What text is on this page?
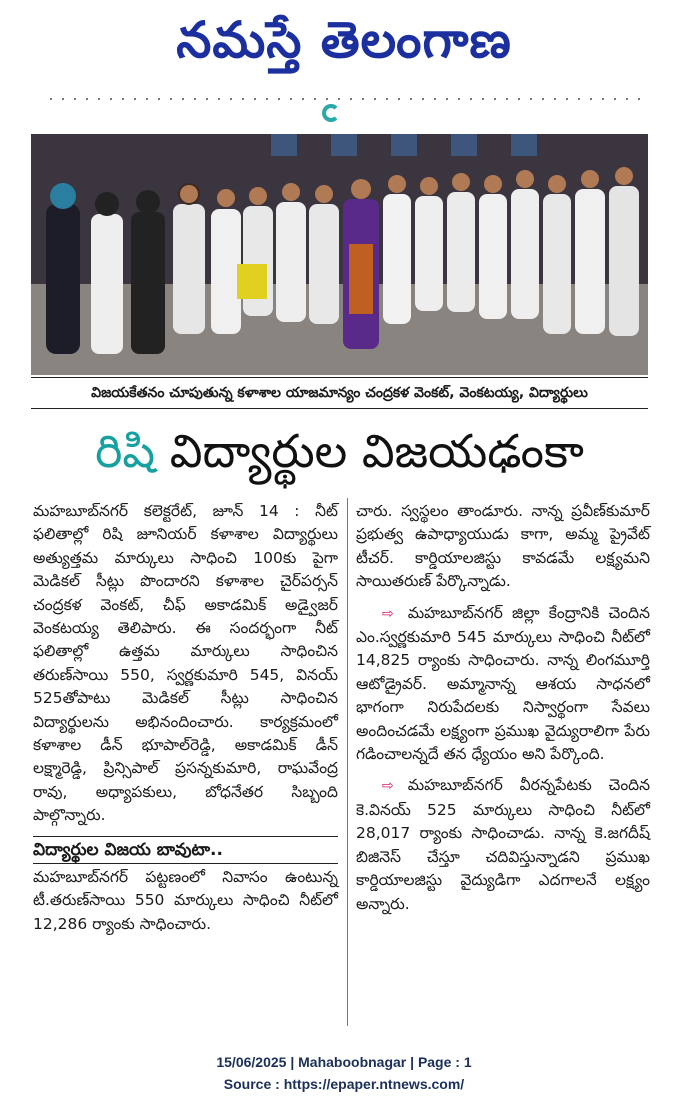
నమస్తే తెలంగాణ
విజయకేతనం చూపుతున్న కళాశాల యాజమాన్యం చంద్రకళ వెంకట్, వెంకటయ్య, విద్యార్థులు
రిషి విద్యార్థుల విజయఢంకా

మహబూబ్‌నగర్ కలెక్టరేట్, జూన్ 14 : నీట్ ఫలితాల్లో రిషి జూనియర్ కళాశాల విద్యార్థులు అత్యుత్తమ మార్కులు సాధించి 100కు పైగా మెడికల్ సీట్లు పొందారని కళాశాల చైర్‌పర్సన్ చంద్రకళ వెంకట్, చీఫ్ అకాడమిక్ అడ్వైజర్ వెంకటయ్య తెలిపారు. ఈ సందర్భంగా నీట్ ఫలితాల్లో ఉత్తమ మార్కులు సాధించిన తరుణ్‌సాయి 550, స్వర్ణకుమారి 545, వినయ్ 525తోపాటు మెడికల్ సీట్లు సాధించిన విద్యార్థులను అభినందించారు. కార్యక్రమంలో కళాశాల డీన్ భూపాల్‌రెడ్డి, అకాడమిక్ డీన్ లక్ష్మారెడ్డి, ప్రిన్సిపాల్ ప్రసన్నకుమారి, రాఘవేంద్ర రావు, అధ్యాపకులు, బోధనేతర సిబ్బంది పాల్గొన్నారు.

విద్యార్థుల విజయ బావుటా..

మహబూబ్‌నగర్ పట్టణంలో నివాసం ఉంటున్న టీ.తరుణ్‌సాయి 550 మార్కులు సాధించి నీట్‌లో 12,286 ర్యాంకు సాధించారు.

చారు. స్వస్థలం తాండూరు. నాన్న ప్రవీణ్‌కుమార్ ప్రభుత్వ ఉపాధ్యాయుడు కాగా, అమ్మ ప్రైవేట్ టీచర్. కార్డియాలజిస్టు కావడమే లక్ష్యమని సాయితరుణ్ పేర్కొన్నాడు.

⇨ మహబూబ్‌నగర్ జిల్లా కేంద్రానికి చెందిన ఎం.స్వర్ణకుమారి 545 మార్కులు సాధించి నీట్‌లో 14,825 ర్యాంకు సాధించారు. నాన్న లింగమూర్తి ఆటోడ్రైవర్. అమ్మానాన్న ఆశయ సాధనలో భాగంగా నిరుపేదలకు నిస్వార్థంగా సేవలు అందించడమే లక్ష్యంగా ప్రముఖ వైద్యురాలిగా పేరు గడించాలన్నదే తన ధ్యేయం అని పేర్కొంది.

⇨ మహబూబ్‌నగర్ వీరన్నపేటకు చెందిన కె.వినయ్ 525 మార్కులు సాధించి నీట్‌లో 28,017 ర్యాంకు సాధించాడు. నాన్న కె.జగదీష్ బిజినెస్ చేస్తూ చదివిస్తున్నాడని ప్రముఖ కార్డియాలజిస్టు వైద్యుడిగా ఎదగాలనే లక్ష్యం అన్నారు.

15/06/2025 | Mahaboobnagar | Page : 1
Source : https://epaper.ntnews.com/
